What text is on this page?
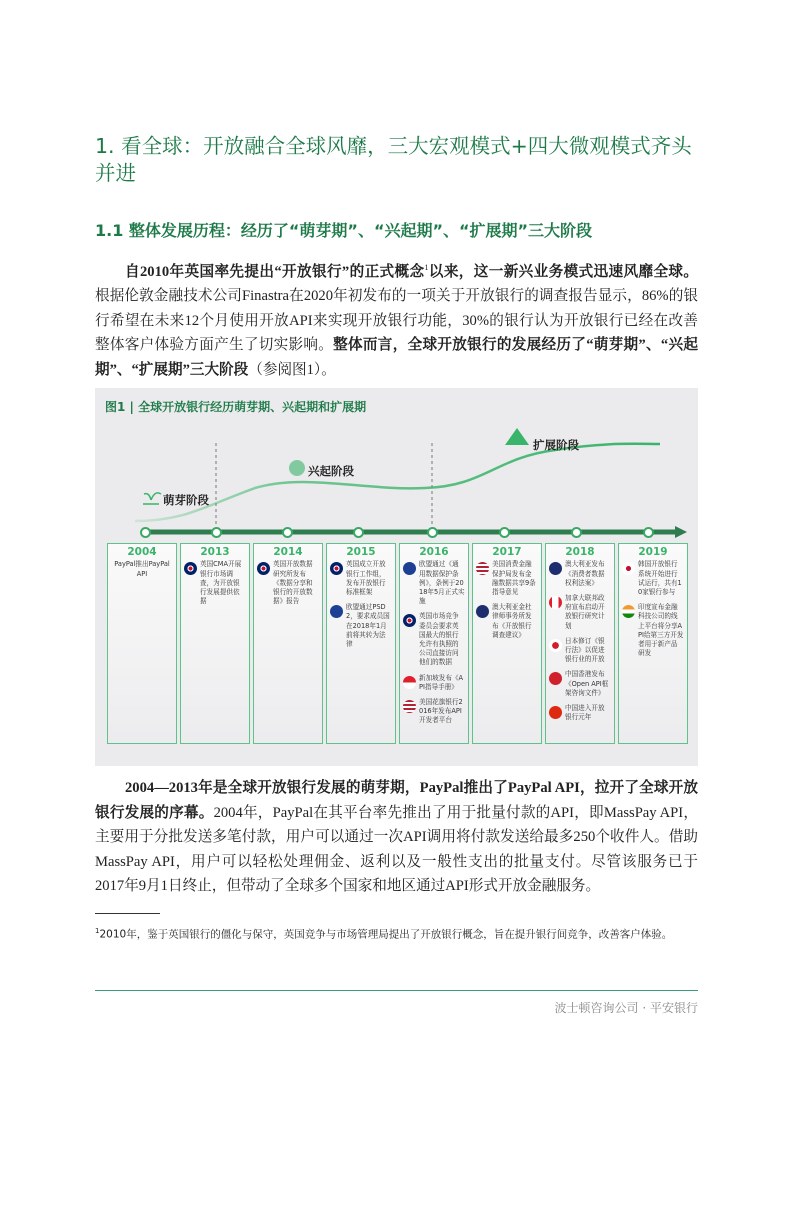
1. 看全球：开放融合全球风靡，三大宏观模式+四大微观模式齐头并进
1.1 整体发展历程：经历了“萌芽期”、“兴起期”、“扩展期”三大阶段

自2010年英国率先提出“开放银行”的正式概念$^1$以来，这一新兴业务模式迅速风靡全球。根据伦敦金融技术公司Finastra在2020年初发布的一项关于开放银行的调查报告显示，86%的银行希望在未来12个月使用开放API来实现开放银行功能，30%的银行认为开放银行已经在改善整体客户体验方面产生了切实影响。整体而言，全球开放银行的发展经历了“萌芽期”、“兴起期”、“扩展期”三大阶段（参阅图1）。

图1 | 全球开放银行经历萌芽期、兴起期和扩展期
萌芽阶段
兴起阶段
扩展阶段
2004
PayPal推出PayPal API
2013
英国CMA开展银行市场调查，为开放银行发展提供依据
2014
英国开放数据研究所发布《数据分享和银行的开放数据》报告
2015
英国成立开放银行工作组，发布开放银行标准框架
欧盟通过PSD2，要求成员国在2018年1月前将其转为法律
2016
欧盟通过《通用数据保护条例》，条例于2018年5月正式实施
英国市场竞争委员会要求英国最大的银行允许有执照的公司直接访问他们的数据
新加坡发布《API指导手册》
美国花旗银行2016年发布API开发者平台
2017
美国消费金融保护局发布金融数据共享9条指导意见
澳大利亚金杜律师事务所发布《开放银行调查建议》
2018
澳大利亚发布《消费者数据权利法案》
加拿大联邦政府宣布启动开放银行研究计划
日本修订《银行法》以促进银行业的开放
中国香港发布《Open API框架咨询文件》
中国进入开放银行元年
2019
韩国开放银行系统开始进行试运行，共有10家银行参与
印度宣布金融科技公司的线上平台将分享API给第三方开发者用于新产品研发

2004—2013年是全球开放银行发展的萌芽期，PayPal推出了PayPal API，拉开了全球开放银行发展的序幕。2004年，PayPal在其平台率先推出了用于批量付款的API，即MassPay API，主要用于分批发送多笔付款，用户可以通过一次API调用将付款发送给最多250个收件人。借助MassPay API，用户可以轻松处理佣金、返利以及一般性支出的批量支付。尽管该服务已于2017年9月1日终止，但带动了全球多个国家和地区通过API形式开放金融服务。

$^1$2010年，鉴于英国银行的僵化与保守，英国竞争与市场管理局提出了开放银行概念，旨在提升银行间竞争，改善客户体验。

波士顿咨询公司 · 平安银行
